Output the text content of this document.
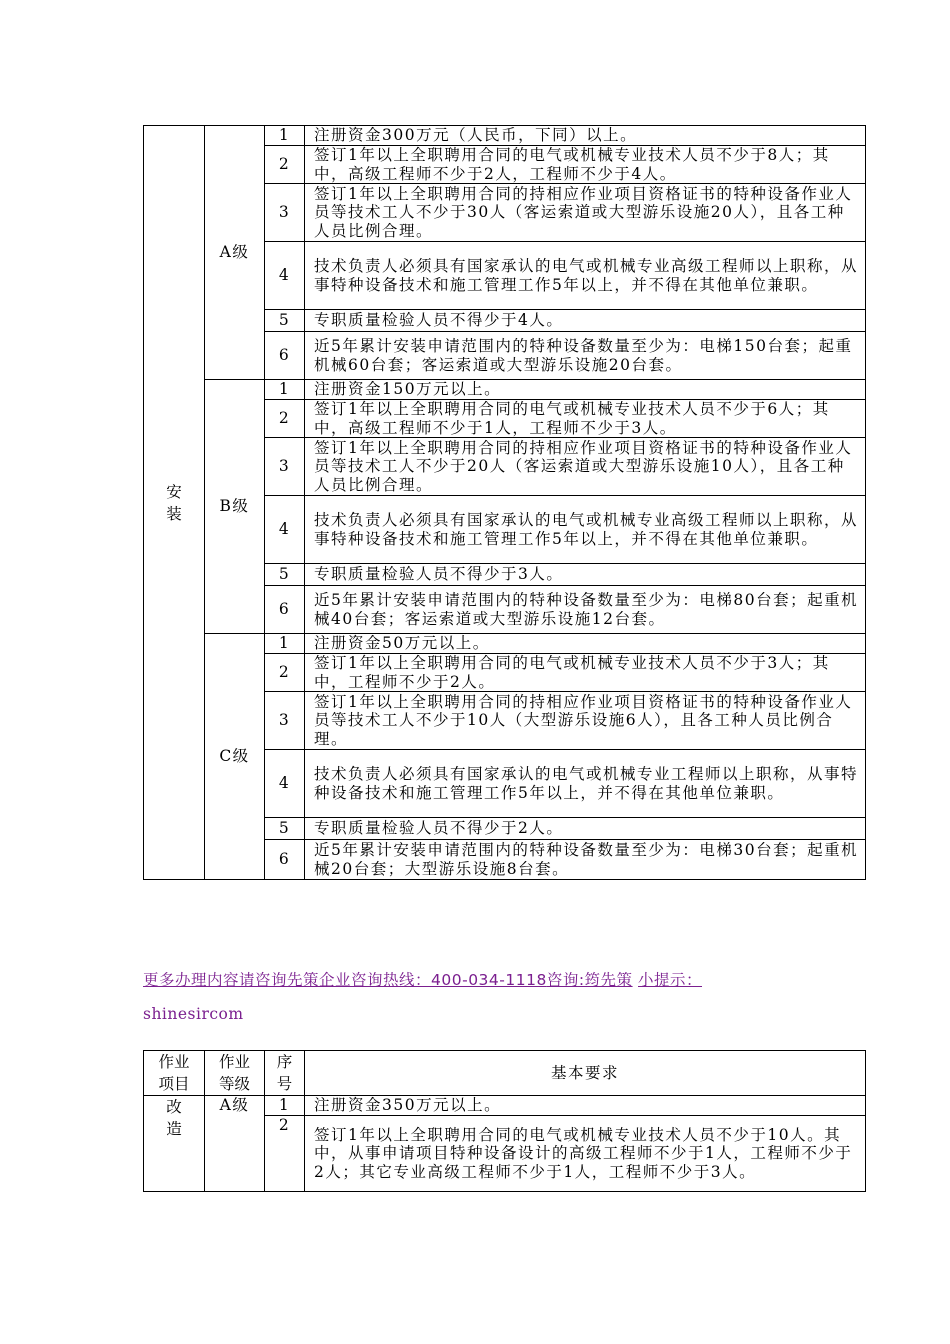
安装	A级	1	注册资金300万元（人民币，下同）以上。
		2	签订1年以上全职聘用合同的电气或机械专业技术人员不少于8人；其中，高级工程师不少于2人，工程师不少于4人。
		3	签订1年以上全职聘用合同的持相应作业项目资格证书的特种设备作业人员等技术工人不少于30人（客运索道或大型游乐设施20人），且各工种人员比例合理。
		4	技术负责人必须具有国家承认的电气或机械专业高级工程师以上职称，从事特种设备技术和施工管理工作5年以上，并不得在其他单位兼职。
		5	专职质量检验人员不得少于4人。
		6	近5年累计安装申请范围内的特种设备数量至少为：电梯150台套；起重机械60台套；客运索道或大型游乐设施20台套。
	B级	1	注册资金150万元以上。
		2	签订1年以上全职聘用合同的电气或机械专业技术人员不少于6人；其中，高级工程师不少于1人，工程师不少于3人。
		3	签订1年以上全职聘用合同的持相应作业项目资格证书的特种设备作业人员等技术工人不少于20人（客运索道或大型游乐设施10人），且各工种人员比例合理。
		4	技术负责人必须具有国家承认的电气或机械专业高级工程师以上职称，从事特种设备技术和施工管理工作5年以上，并不得在其他单位兼职。
		5	专职质量检验人员不得少于3人。
		6	近5年累计安装申请范围内的特种设备数量至少为：电梯80台套；起重机械40台套；客运索道或大型游乐设施12台套。
	C级	1	注册资金50万元以上。
		2	签订1年以上全职聘用合同的电气或机械专业技术人员不少于3人；其中，工程师不少于2人。
		3	签订1年以上全职聘用合同的持相应作业项目资格证书的特种设备作业人员等技术工人不少于10人（大型游乐设施6人），且各工种人员比例合理。
		4	技术负责人必须具有国家承认的电气或机械专业工程师以上职称，从事特种设备技术和施工管理工作5年以上，并不得在其他单位兼职。
		5	专职质量检验人员不得少于2人。
		6	近5年累计安装申请范围内的特种设备数量至少为：电梯30台套；起重机械20台套；大型游乐设施8台套。
更多办理内容请咨询先策企业咨询热线：400-034-1118咨询:筠先策 小提示：
shinesircom
作业项目	作业等级	序号	基本要求
改造	A级	1	注册资金350万元以上。
		2	签订1年以上全职聘用合同的电气或机械专业技术人员不少于10人。其中，从事申请项目特种设备设计的高级工程师不少于1人，工程师不少于2人；其它专业高级工程师不少于1人，工程师不少于3人。
